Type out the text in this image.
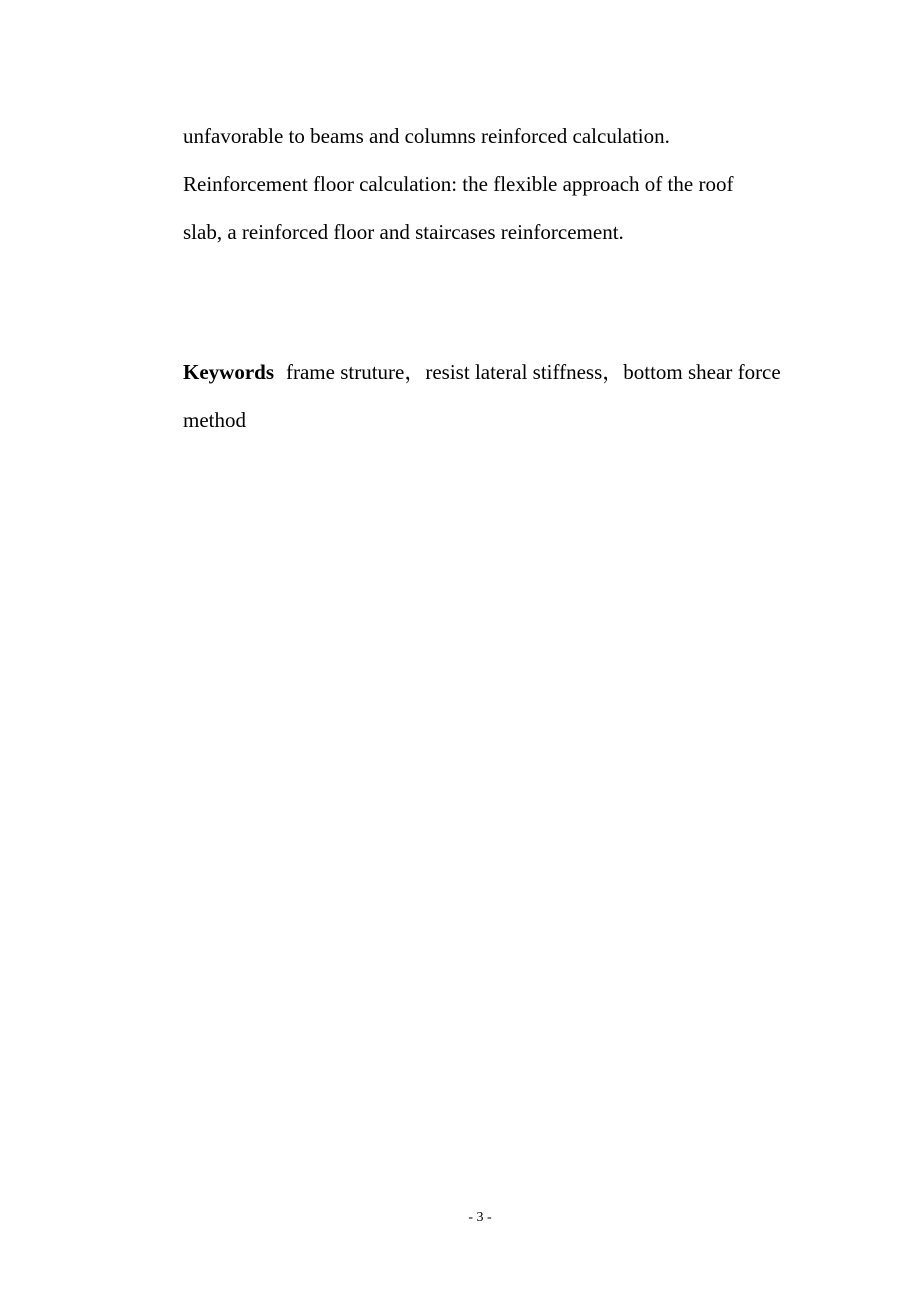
unfavorable to beams and columns reinforced calculation.
Reinforcement floor calculation: the flexible approach of the roof
slab, a reinforced floor and staircases reinforcement.
Keywords frame struture，resist lateral stiffness，bottom shear force
method
- 3 -
